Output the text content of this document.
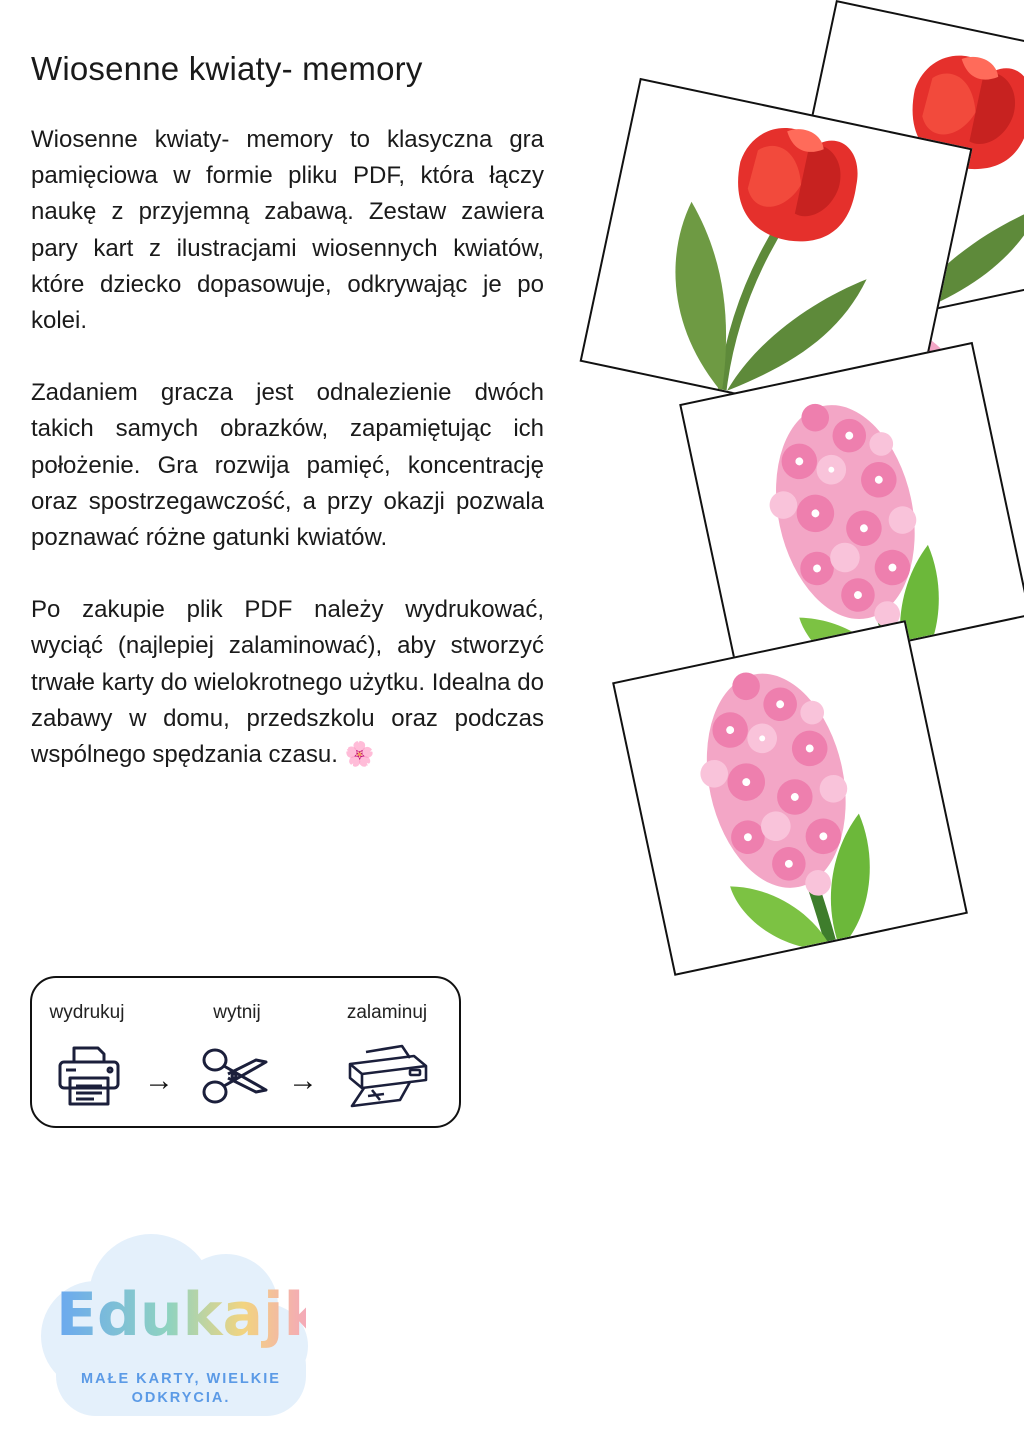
Wiosenne kwiaty- memory

Wiosenne kwiaty- memory to klasyczna gra pamięciowa w formie pliku PDF, która łączy naukę z przyjemną zabawą. Zestaw zawiera pary kart z ilustracjami wiosennych kwiatów, które dziecko dopasowuje, odkrywając je po kolei.

Zadaniem gracza jest odnalezienie dwóch takich samych obrazków, zapamiętując ich położenie. Gra rozwija pamięć, koncentrację oraz spostrzegawczość, a przy okazji pozwala poznawać różne gatunki kwiatów.

Po zakupie plik PDF należy wydrukować, wyciąć (najlepiej zalaminować), aby stworzyć trwałe karty do wielokrotnego użytku. Idealna do zabawy w domu, przedszkolu oraz podczas wspólnego spędzania czasu. 🌸

wydrukuj	wytnij	zalaminuj
→	→
Edukajki
MAŁE KARTY, WIELKIE ODKRYCIA.
